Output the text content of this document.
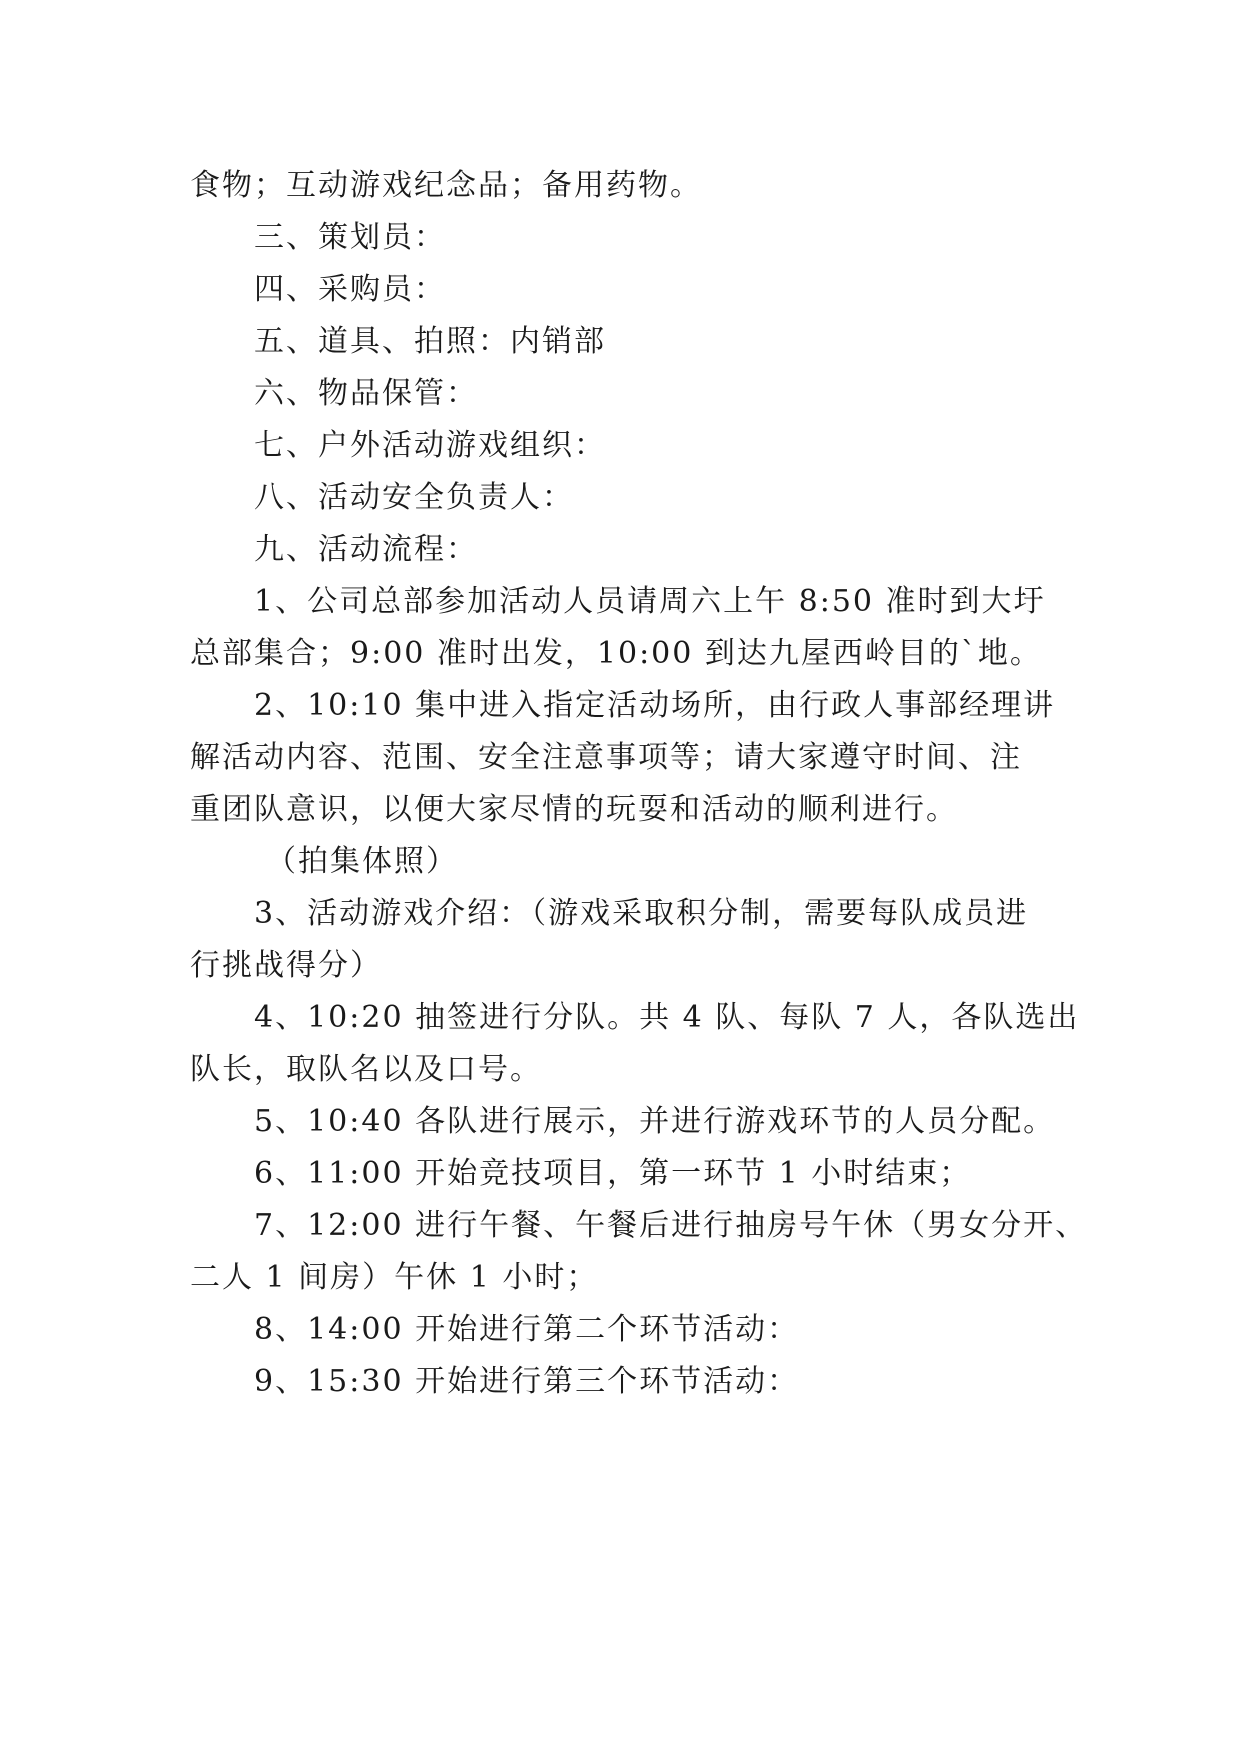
食物；互动游戏纪念品；备用药物。
三、策划员：
四、采购员：
五、道具、拍照：内销部
六、物品保管：
七、户外活动游戏组织：
八、活动安全负责人：
九、活动流程：
1、公司总部参加活动人员请周六上午 8:50 准时到大圩
总部集合；9:00 准时出发，10:00 到达九屋西岭目的`地。
2、10:10 集中进入指定活动场所，由行政人事部经理讲
解活动内容、范围、安全注意事项等；请大家遵守时间、注
重团队意识，以便大家尽情的玩耍和活动的顺利进行。
（拍集体照）
3、活动游戏介绍：（游戏采取积分制，需要每队成员进
行挑战得分）
4、10:20 抽签进行分队。共 4 队、每队 7 人，各队选出
队长，取队名以及口号。
5、10:40 各队进行展示，并进行游戏环节的人员分配。
6、11:00 开始竞技项目，第一环节 1 小时结束；
7、12:00 进行午餐、午餐后进行抽房号午休（男女分开、
二人 1 间房）午休 1 小时；
8、14:00 开始进行第二个环节活动：
9、15:30 开始进行第三个环节活动：
